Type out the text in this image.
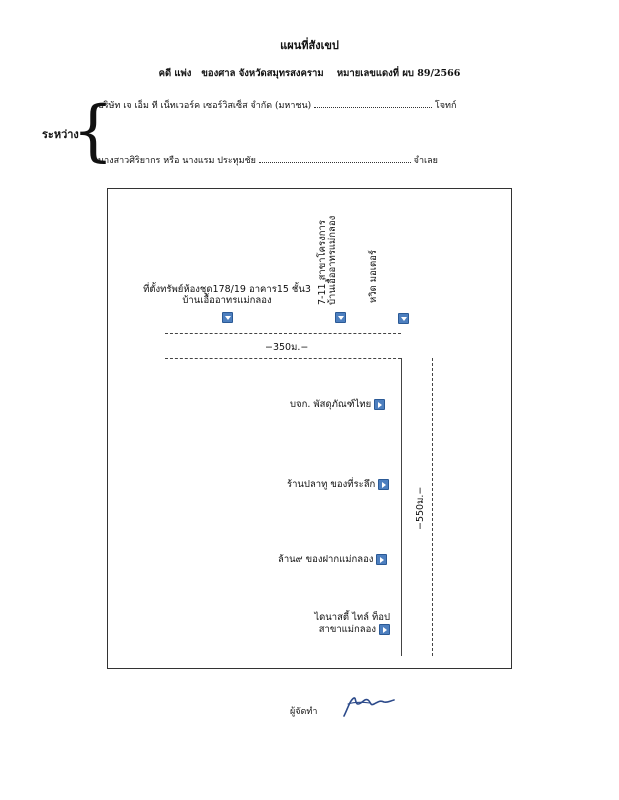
แผนที่สังเขป
คดี แพ่ง ของศาล จังหวัดสมุทรสงคราม หมายเลขแดงที่ ผบ 89/2566
ระหว่าง
{
บริษัท เจ เอ็ม ที เน็ทเวอร์ค เซอร์วิสเซ็ส จำกัด (มหาชน)	โจทก์
นางสาวศิริยากร หรือ นางแรม ประทุมชัย	จำเลย
ที่ตั้งทรัพย์ห้องชุด178/19 อาคาร15 ชั้น3
บ้านเอื้ออาทรแม่กลอง
	7-11 สาขาโครงการ บ้านเอื้ออาทรแม่กลอง
	หวิด มอเตอร์
−350ม.−
−550ม.−
บจก. พัสดุภัณฑ์ไทย
ร้านปลาทู ของที่ระลึก
ล้าน๙ ของฝากแม่กลอง
ไดนาสตี้ ไทล์ ท็อป
สาขาแม่กลอง
ผู้จัดทำ
